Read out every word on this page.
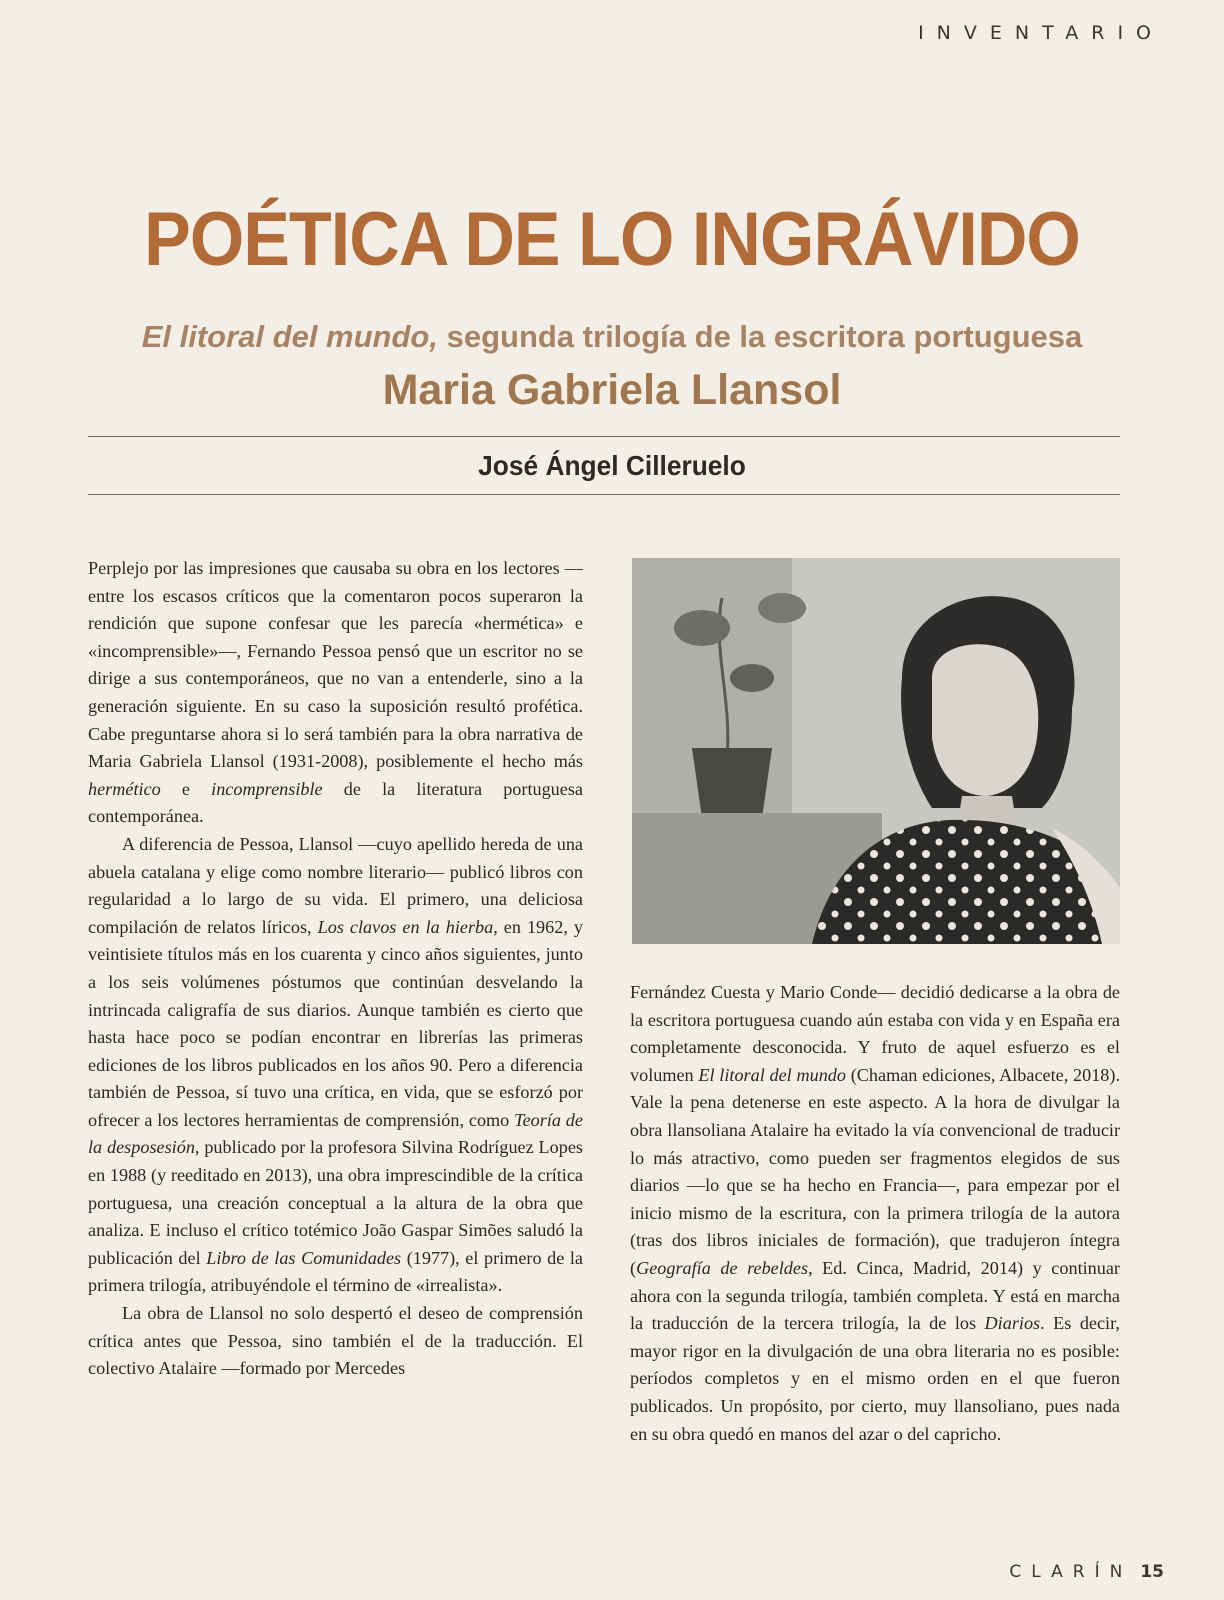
INVENTARIO
POÉTICA DE LO INGRÁVIDO
El litoral del mundo, segunda trilogía de la escritora portuguesa
Maria Gabriela Llansol
José Ángel Cilleruelo

Perplejo por las impresiones que causaba su obra en los lectores —entre los escasos críticos que la comentaron pocos superaron la rendición que supone confesar que les parecía «hermética» e «incomprensible»—, Fernando Pessoa pensó que un escritor no se dirige a sus contemporáneos, que no van a entenderle, sino a la generación siguiente. En su caso la suposición resultó profética. Cabe preguntarse ahora si lo será también para la obra narrativa de Maria Gabriela Llansol (1931-2008), posiblemente el hecho más hermético e incomprensible de la literatura portuguesa contemporánea.

A diferencia de Pessoa, Llansol —cuyo apellido hereda de una abuela catalana y elige como nombre literario— publicó libros con regularidad a lo largo de su vida. El primero, una deliciosa compilación de relatos líricos, Los clavos en la hierba, en 1962, y veintisiete títulos más en los cuarenta y cinco años siguientes, junto a los seis volúmenes póstumos que continúan desvelando la intrincada caligrafía de sus diarios. Aunque también es cierto que hasta hace poco se podían encontrar en librerías las primeras ediciones de los libros publicados en los años 90. Pero a diferencia también de Pessoa, sí tuvo una crítica, en vida, que se esforzó por ofrecer a los lectores herramientas de comprensión, como Teoría de la desposesión, publicado por la profesora Silvina Rodríguez Lopes en 1988 (y reeditado en 2013), una obra imprescindible de la crítica portuguesa, una creación conceptual a la altura de la obra que analiza. E incluso el crítico totémico João Gaspar Simões saludó la publicación del Libro de las Comunidades (1977), el primero de la primera trilogía, atribuyéndole el término de «irrealista».

La obra de Llansol no solo despertó el deseo de comprensión crítica antes que Pessoa, sino también el de la traducción. El colectivo Atalaire —formado por Mercedes

Fernández Cuesta y Mario Conde— decidió dedicarse a la obra de la escritora portuguesa cuando aún estaba con vida y en España era completamente desconocida. Y fruto de aquel esfuerzo es el volumen El litoral del mundo (Chaman ediciones, Albacete, 2018). Vale la pena detenerse en este aspecto. A la hora de divulgar la obra llansoliana Atalaire ha evitado la vía convencional de traducir lo más atractivo, como pueden ser fragmentos elegidos de sus diarios —lo que se ha hecho en Francia—, para empezar por el inicio mismo de la escritura, con la primera trilogía de la autora (tras dos libros iniciales de formación), que tradujeron íntegra (Geografía de rebeldes, Ed. Cinca, Madrid, 2014) y continuar ahora con la segunda trilogía, también completa. Y está en marcha la traducción de la tercera trilogía, la de los Diarios. Es decir, mayor rigor en la divulgación de una obra literaria no es posible: períodos completos y en el mismo orden en el que fueron publicados. Un propósito, por cierto, muy llansoliano, pues nada en su obra quedó en manos del azar o del capricho.

CLARÍN 15
